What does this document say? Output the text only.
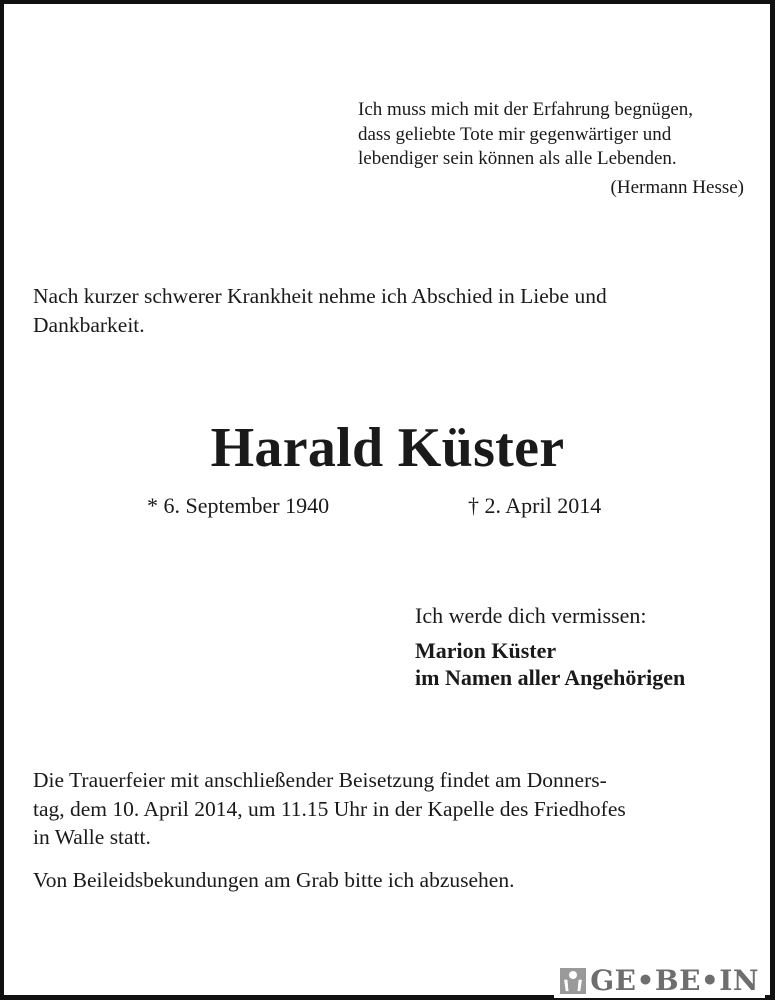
Ich muss mich mit der Erfahrung begnügen,
dass geliebte Tote mir gegenwärtiger und
lebendiger sein können als alle Lebenden.
(Hermann Hesse)
Nach kurzer schwerer Krankheit nehme ich Abschied in Liebe und
Dankbarkeit.
Harald Küster
* 6. September 1940	† 2. April 2014
Ich werde dich vermissen:
Marion Küster
im Namen aller Angehörigen
Die Trauerfeier mit anschließender Beisetzung findet am Donners-
tag, dem 10. April 2014, um 11.15 Uhr in der Kapelle des Friedhofes
in Walle statt.
Von Beileidsbekundungen am Grab bitte ich abzusehen.
GE•BE•IN
